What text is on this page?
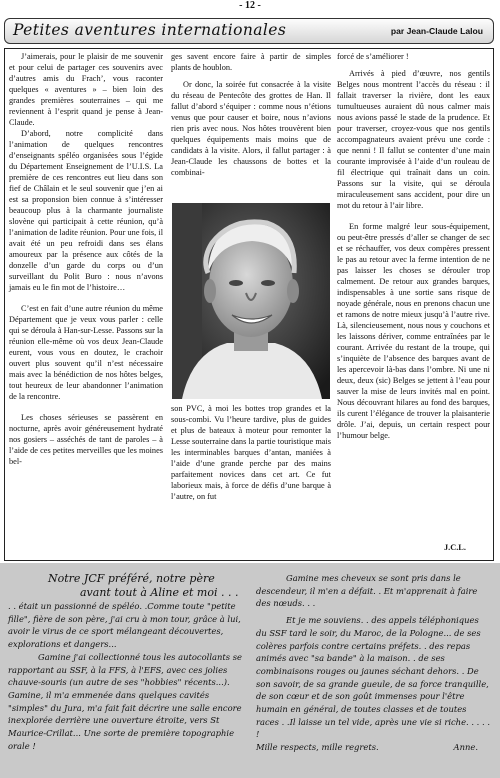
- 12 -
Petites aventures internationales	par Jean-Claude Lalou

J’aimerais, pour le plaisir de me souvenir et pour celui de partager ces souvenirs avec d’autres amis du Frach’, vous raconter quelques « aventures » – bien loin des grandes premières souterraines – qui me reviennent à l’esprit quand je pense à Jean-Claude.

D’abord, notre complicité dans l’animation de quelques rencontres d’enseignants spéléo organisées sous l’égide du Département Enseignement de l’U.I.S. La première de ces rencontres eut lieu dans son fief de Châlain et le seul souvenir que j’en ai est sa proponsion bien connue à s’intéresser beaucoup plus à la charmante journaliste slovène qui participait à cette réunion, qu’à l’animation de ladite réunion. Pour une fois, il avait été un peu refroidi dans ses élans amoureux par la présence aux côtés de la donzelle d’un garde du corps ou d’un surveillant du Polit Buro : nous n’avons jamais eu le fin mot de l’histoire…

C’est en fait d’une autre réunion du même Département que je veux vous parler : celle qui se déroula à Han-sur-Lesse. Passons sur la réunion elle-même où vos deux Jean-Claude eurent, vous vous en doutez, le crachoir ouvert plus souvent qu’il n’est nécessaire mais avec la bénédiction de nos hôtes belges, tout heureux de leur abandonner l’animation de la rencontre.

Les choses sérieuses se passèrent en nocturne, après avoir généreusement hydraté nos gosiers – asséchés de tant de paroles – à l’aide de ces petites merveilles que les moines bel-

ges savent encore faire à partir de simples plants de houblon.

Or donc, la soirée fut consacrée à la visite du réseau de Pentecôte des grottes de Han. Il fallut d’abord s’équiper : comme nous n’étions venus que pour causer et boire, nous n’avions rien pris avec nous. Nos hôtes trouvèrent bien quelques équipements mais moins que de candidats à la visite. Alors, il fallut partager : à Jean-Claude les chaussons de bottes et la combinai-

son PVC, à moi les bottes trop grandes et la sous-combi. Vu l’heure tardive, plus de guides et plus de bateaux à moteur pour remonter la Lesse souterraine dans la partie touristique mais les interminables barques d’antan, maniées à l’aide d’une grande perche par des mains parfaitement novices dans cet art. Ce fut laborieux mais, à force de défis d’une barque à l’autre, on fut

forcé de s’améliorer !

Arrivés à pied d’œuvre, nos gentils Belges nous montrent l’accès du réseau : il fallait traverser la rivière, dont les eaux tumultueuses auraient dû nous calmer mais nous avions passé le stade de la prudence. Et pour traverser, croyez-vous que nos gentils accompagnateurs avaient prévu une corde : que nenni ! Il fallut se contenter d’une main courante improvisée à l’aide d’un rouleau de fil électrique qui traînait dans un coin. Passons sur la visite, qui se déroula miraculeusement sans accident, pour dire un mot du retour à l’air libre.

En forme malgré leur sous-équipement, ou peut-être pressés d’aller se changer de sec et se réchauffer, vos deux compères pressent le pas au retour avec la ferme intention de ne pas laisser les choses se dérouler trop calmement. De retour aux grandes barques, indispensables à une sortie sans risque de noyade générale, nous en prenons chacun une et ramons de notre mieux jusqu’à l’autre rive. Là, silencieusement, nous nous y couchons et les laissons dériver, comme entraînées par le courant. Arrivée du restant de la troupe, qui s’inquiète de l’absence des barques avant de les apercevoir là-bas dans l’ombre. Ni une ni deux, deux (sic) Belges se jettent à l’eau pour sauver la mise de leurs invités mal en point. Nous découvrant hilares au fond des barques, ils curent l’élégance de trouver la plaisanterie drôle. J’ai, depuis, un certain respect pour l’humour belge.

J.C.L.

Notre JCF préféré, notre père

avant tout à Aline et moi . . .

. . était un passionné de spéléo. .Comme toute "petite fille", fière de son père, j'ai cru à mon tour, grâce à lui, avoir le virus de ce sport mélangeant découvertes, explorations et dangers...

Gamine j'ai collectionné tous les autocollants se rapportant au SSF, à la FFS, à l'EFS, avec ces jolies chauve-souris (un autre de ses "hobbies" récents...). Gamine, il m'a emmenée dans quelques cavités "simples" du Jura, m'a fait fait décrire une salle encore inexplorée derrière une ouverture étroite, vers St Maurice-Crillat... Une sorte de première topographie orale !

Gamine mes cheveux se sont pris dans le descendeur, il m'en a défait. . Et m'apprenait à faire des nœuds. . .

Et je me souviens. . des appels téléphoniques du SSF tard le soir, du Maroc, de la Pologne... de ses colères parfois contre certains préfets. . des repas animés avec "sa bande" à la maison. . de ses combinaisons rouges ou jaunes séchant dehors. . De son savoir, de sa grande gueule, de sa force tranquille, de son cœur et de son goût immenses pour l'être humain en général, de toutes classes et de toutes races . .Il laisse un tel vide, après une vie si riche. . . . . !

Mille respects, mille regrets.	Anne.
